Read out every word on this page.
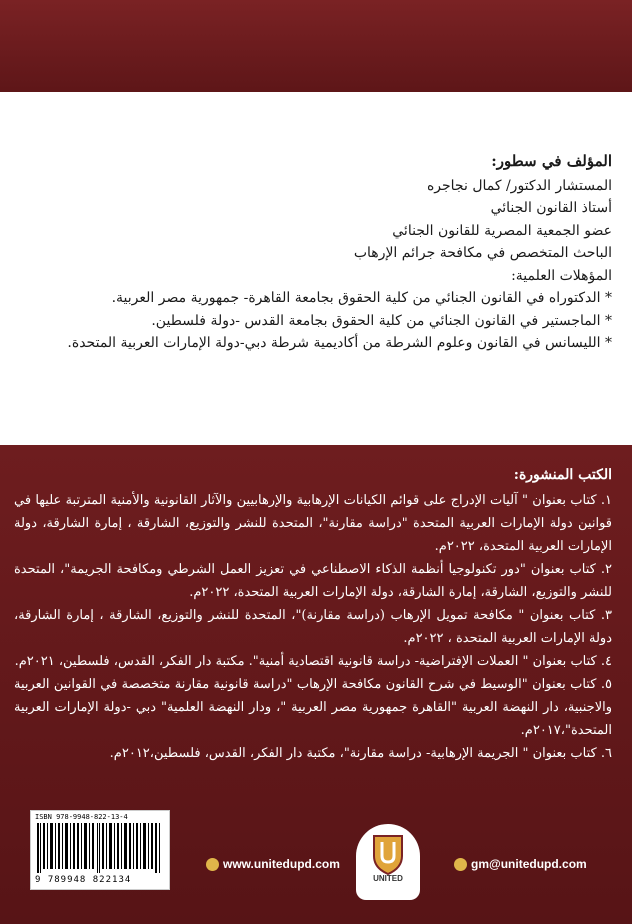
المؤلف في سطور:
المستشار الدكتور/ كمال نجاجره
أستاذ القانون الجنائي
عضو الجمعية المصرية للقانون الجنائي
الباحث المتخصص في مكافحة جرائم الإرهاب
المؤهلات العلمية:
* الدكتوراه في القانون الجنائي من كلية الحقوق بجامعة القاهرة- جمهورية مصر العربية.
* الماجستير في القانون الجنائي من كلية الحقوق بجامعة القدس -دولة فلسطين.
* الليسانس في القانون وعلوم الشرطة من أكاديمية شرطة دبي-دولة الإمارات العربية المتحدة.
الكتب المنشورة:

١. كتاب بعنوان " آليات الإدراج على قوائم الكيانات الإرهابية والإرهابيين والآثار القانونية والأمنية المترتبة عليها في قوانين دولة الإمارات العربية المتحدة "دراسة مقارنة"، المتحدة للنشر والتوزيع، الشارقة ، إمارة الشارقة، دولة الإمارات العربية المتحدة، ٢٠٢٢م.

٢. كتاب بعنوان "دور تكنولوجيا أنظمة الذكاء الاصطناعي في تعزيز العمل الشرطي ومكافحة الجريمة"، المتحدة للنشر والتوزيع، الشارقة، إمارة الشارقة، دولة الإمارات العربية المتحدة، ٢٠٢٢م.

٣. كتاب بعنوان " مكافحة تمويل الإرهاب (دراسة مقارنة)"، المتحدة للنشر والتوزيع، الشارقة ، إمارة الشارقة، دولة الإمارات العربية المتحدة ، ٢٠٢٢م.

٤. كتاب بعنوان " العملات الإفتراضية- دراسة قانونية اقتصادية أمنية". مكتبة دار الفكر، القدس، فلسطين، ٢٠٢١م.

٥. كتاب بعنوان "الوسيط في شرح القانون مكافحة الإرهاب "دراسة قانونية مقارنة متخصصة في القوانين العربية والاجنبية، دار النهضة العربية "القاهرة جمهورية مصر العربية "، ودار النهضة العلمية" دبي -دولة الإمارات العربية المتحدة"،٢٠١٧م.

٦. كتاب بعنوان " الجريمة الإرهابية- دراسة مقارنة"، مكتبة دار الفكر، القدس، فلسطين،٢٠١٢م.

ISBN 978-9948-822-13-4
9 789948 822134
www.unitedupd.com
UNITED
gm@unitedupd.com
